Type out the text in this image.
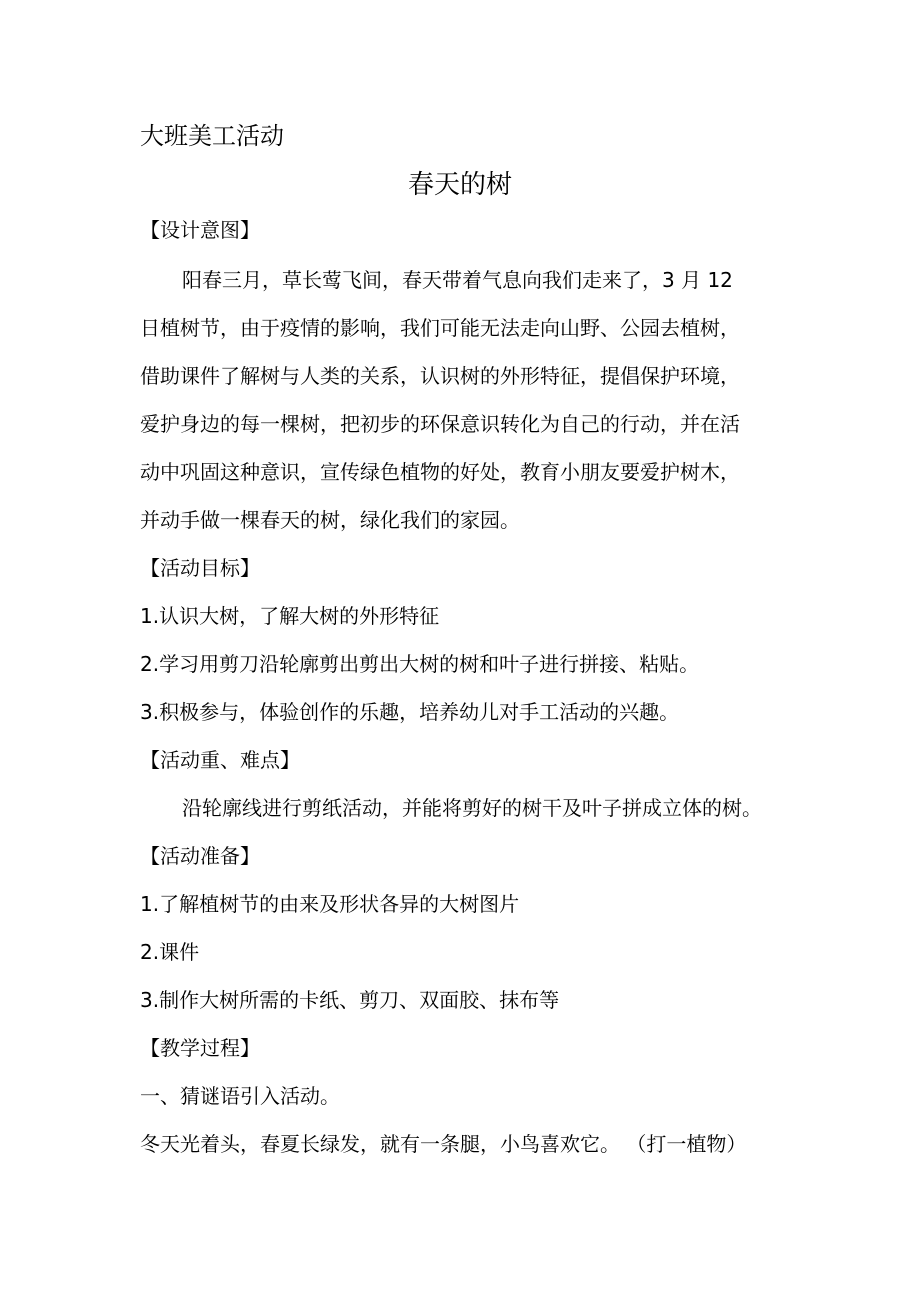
大班美工活动
春天的树
【设计意图】
阳春三月，草长莺飞间，春天带着气息向我们走来了，3 月 12
日植树节，由于疫情的影响，我们可能无法走向山野、公园去植树，
借助课件了解树与人类的关系，认识树的外形特征，提倡保护环境，
爱护身边的每一棵树，把初步的环保意识转化为自己的行动，并在活
动中巩固这种意识，宣传绿色植物的好处，教育小朋友要爱护树木，
并动手做一棵春天的树，绿化我们的家园。
【活动目标】
1.认识大树，了解大树的外形特征
2.学习用剪刀沿轮廓剪出剪出大树的树和叶子进行拼接、粘贴。
3.积极参与，体验创作的乐趣，培养幼儿对手工活动的兴趣。
【活动重、难点】
沿轮廓线进行剪纸活动，并能将剪好的树干及叶子拼成立体的树。
【活动准备】
1.了解植树节的由来及形状各异的大树图片
2.课件
3.制作大树所需的卡纸、剪刀、双面胶、抹布等
【教学过程】
一、猜谜语引入活动。
冬天光着头，春夏长绿发，就有一条腿，小鸟喜欢它。 （打一植物）
